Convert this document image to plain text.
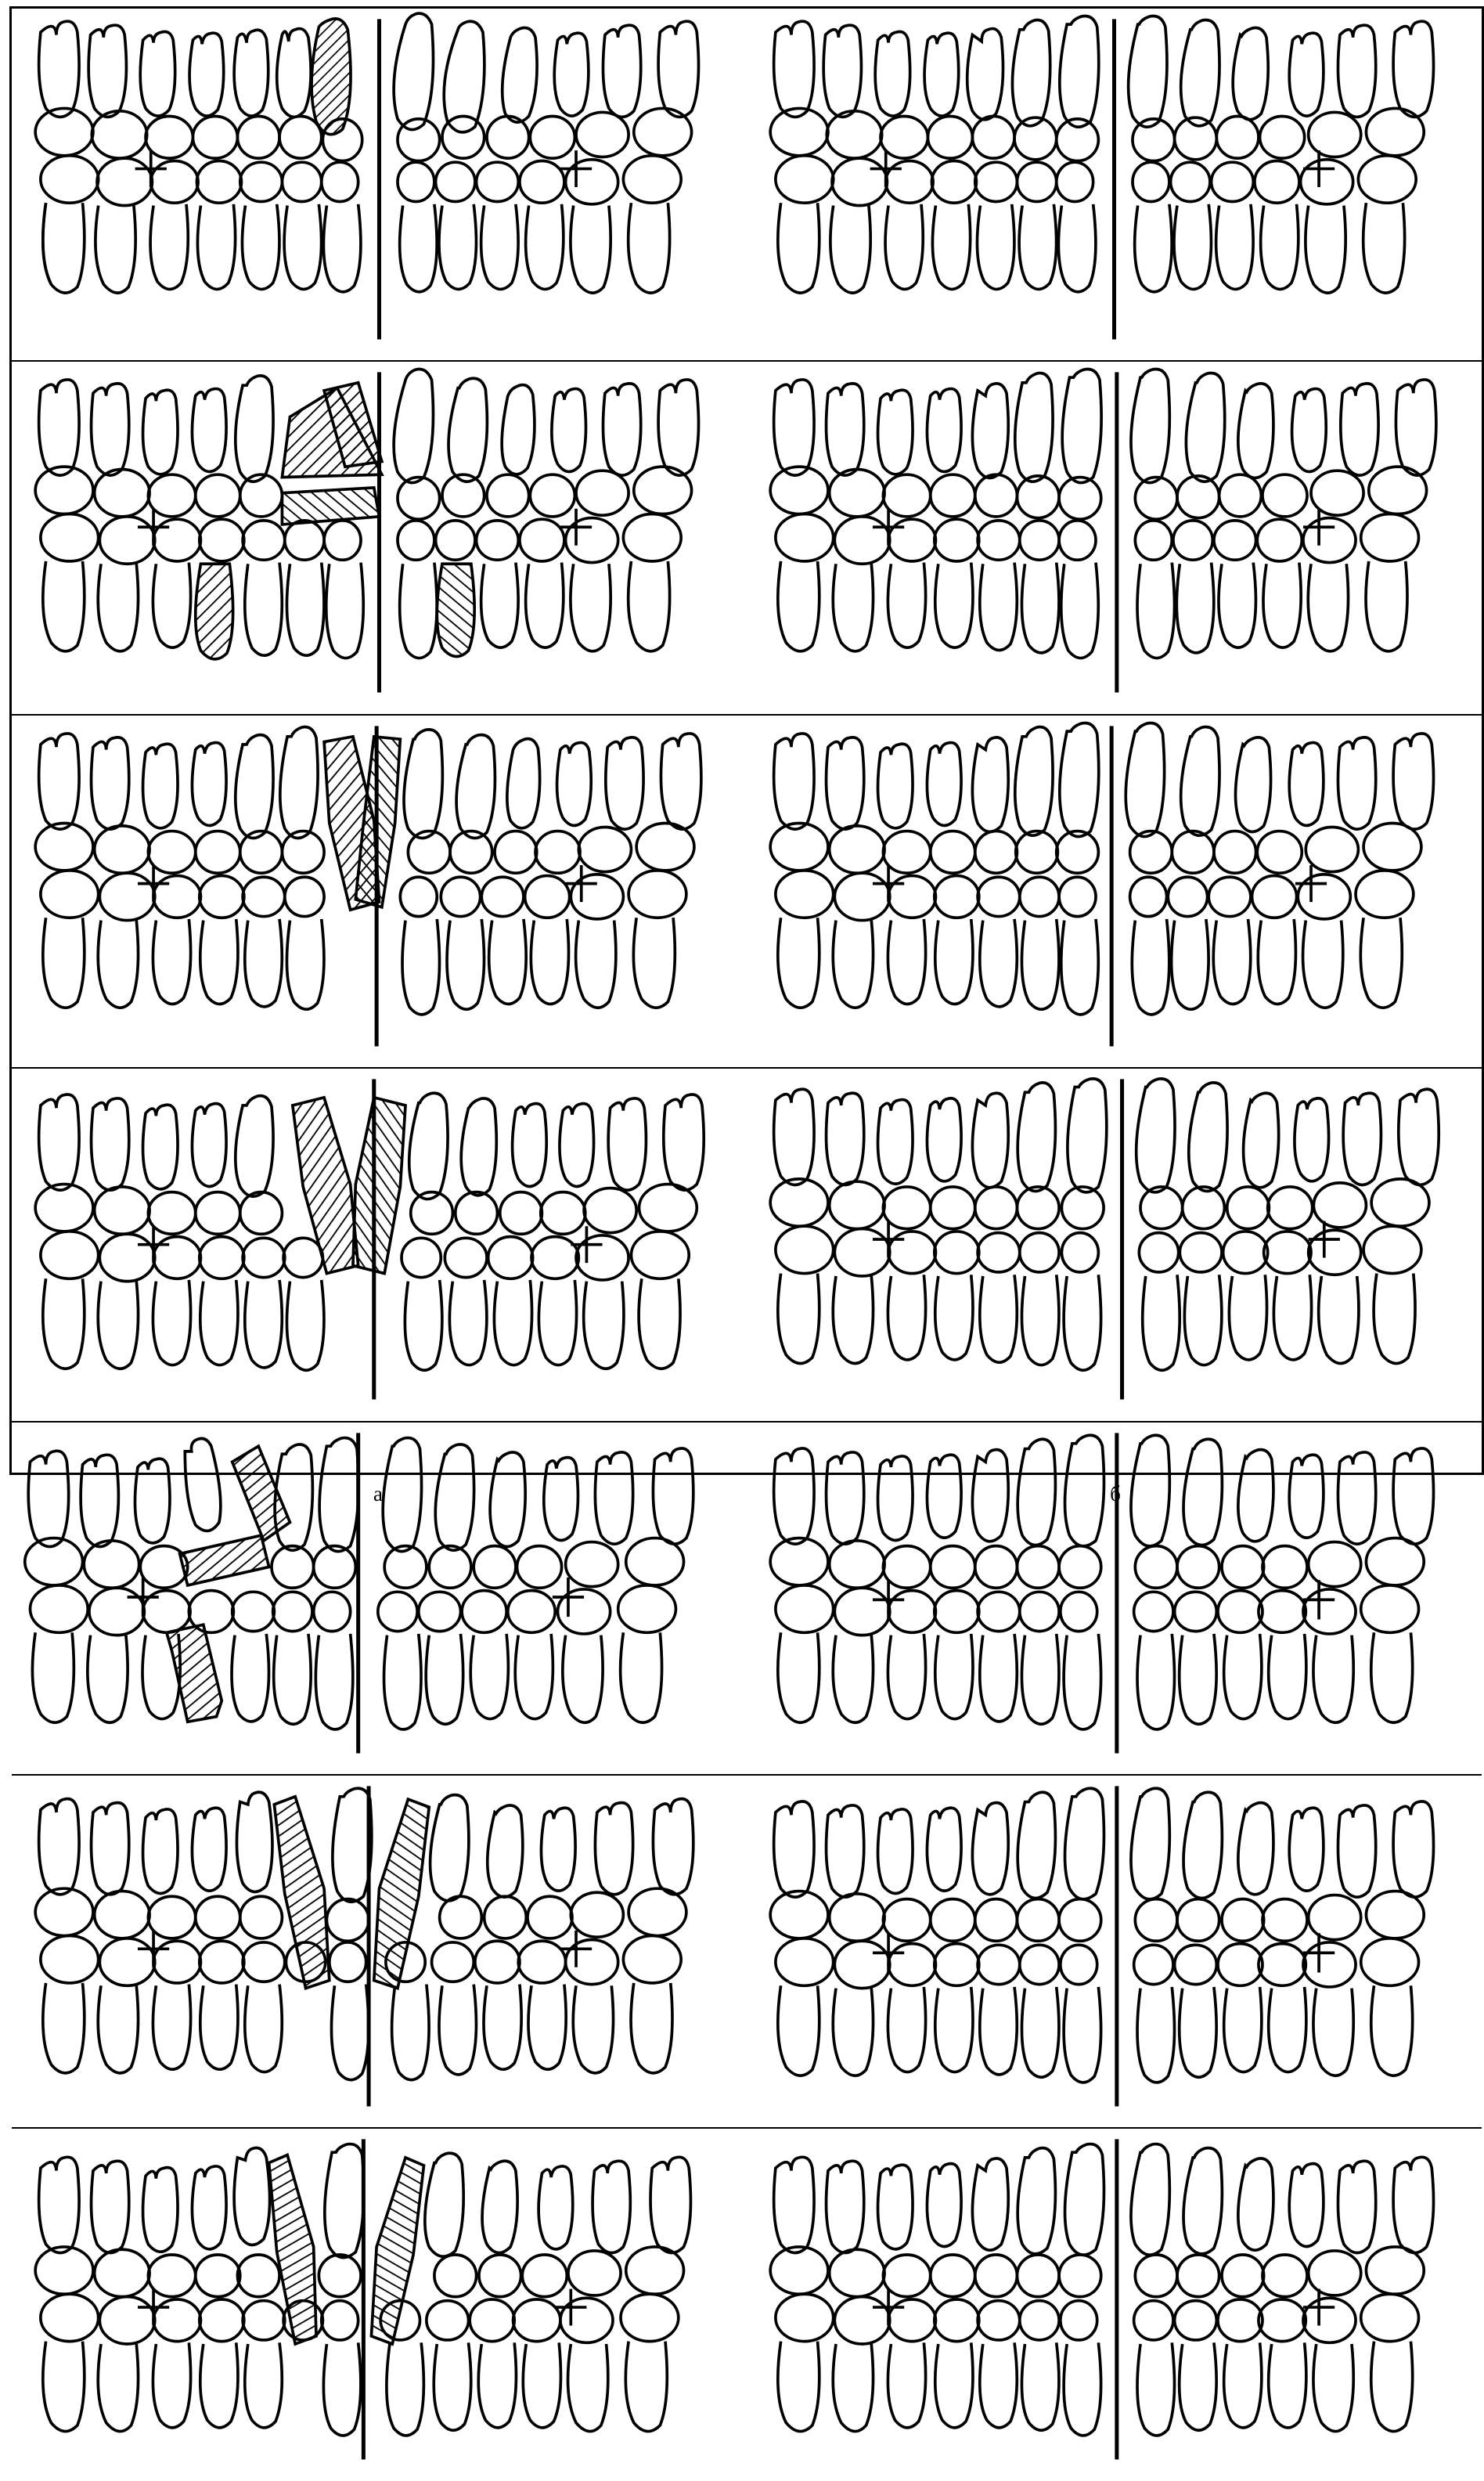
а	б
